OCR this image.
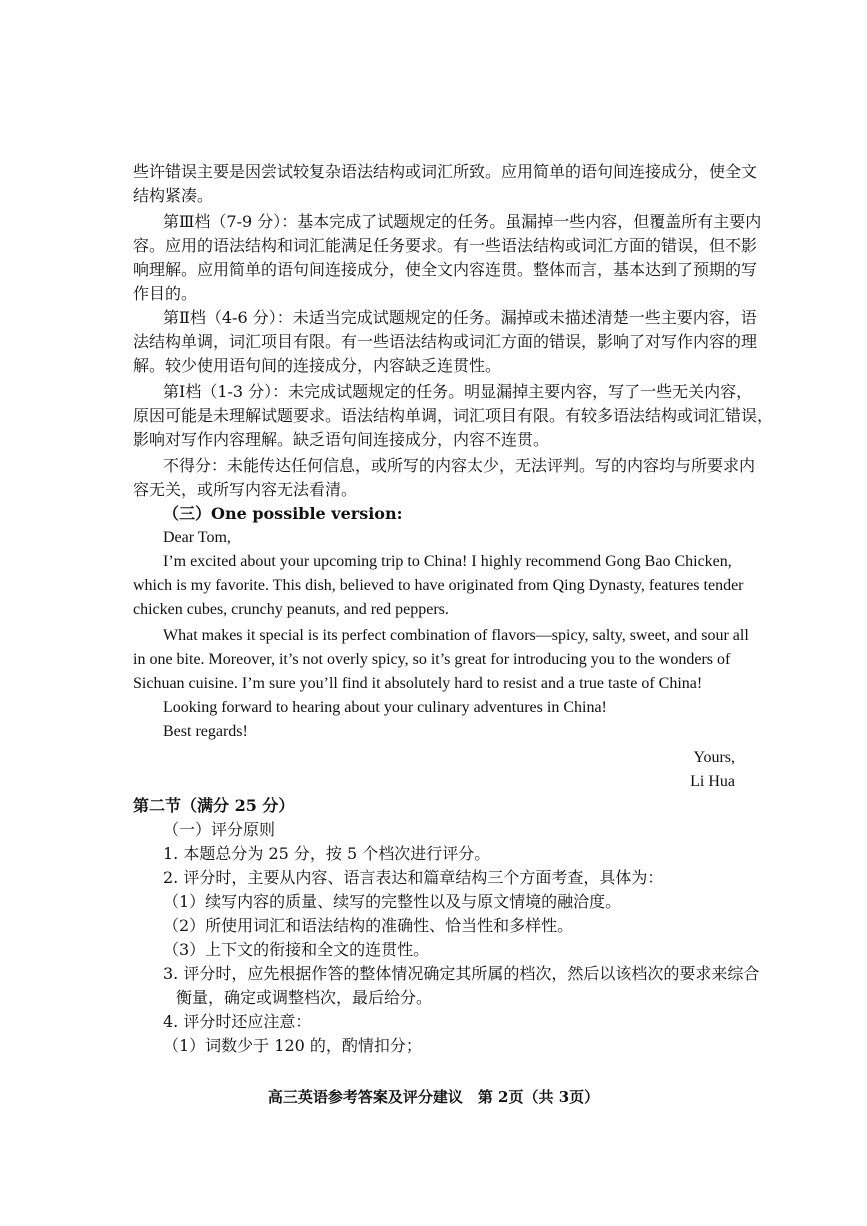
些许错误主要是因尝试较复杂语法结构或词汇所致。应用简单的语句间连接成分，使全文
结构紧凑。
第Ⅲ档（7-9 分）：基本完成了试题规定的任务。虽漏掉一些内容，但覆盖所有主要内
容。应用的语法结构和词汇能满足任务要求。有一些语法结构或词汇方面的错误，但不影
响理解。应用简单的语句间连接成分，使全文内容连贯。整体而言，基本达到了预期的写
作目的。
第Ⅱ档（4-6 分）：未适当完成试题规定的任务。漏掉或未描述清楚一些主要内容，语
法结构单调，词汇项目有限。有一些语法结构或词汇方面的错误，影响了对写作内容的理
解。较少使用语句间的连接成分，内容缺乏连贯性。
第Ⅰ档（1-3 分）：未完成试题规定的任务。明显漏掉主要内容，写了一些无关内容，
原因可能是未理解试题要求。语法结构单调，词汇项目有限。有较多语法结构或词汇错误，
影响对写作内容理解。缺乏语句间连接成分，内容不连贯。
不得分：未能传达任何信息，或所写的内容太少，无法评判。写的内容均与所要求内
容无关，或所写内容无法看清。
（三）One possible version:
Dear Tom,
I’m excited about your upcoming trip to China! I highly recommend Gong Bao Chicken,
which is my favorite. This dish, believed to have originated from Qing Dynasty, features tender
chicken cubes, crunchy peanuts, and red peppers.
What makes it special is its perfect combination of flavors—spicy, salty, sweet, and sour all
in one bite. Moreover, it’s not overly spicy, so it’s great for introducing you to the wonders of
Sichuan cuisine. I’m sure you’ll find it absolutely hard to resist and a true taste of China!
Looking forward to hearing about your culinary adventures in China!
Best regards!
Yours,
Li Hua
第二节（满分 25 分）
（一）评分原则
1. 本题总分为 25 分，按 5 个档次进行评分。
2. 评分时，主要从内容、语言表达和篇章结构三个方面考查，具体为：
（1）续写内容的质量、续写的完整性以及与原文情境的融洽度。
（2）所使用词汇和语法结构的准确性、恰当性和多样性。
（3）上下文的衔接和全文的连贯性。
3. 评分时，应先根据作答的整体情况确定其所属的档次，然后以该档次的要求来综合
衡量，确定或调整档次，最后给分。
4. 评分时还应注意：
（1）词数少于 120 的，酌情扣分；
高三英语参考答案及评分建议　第 2页（共 3页）
